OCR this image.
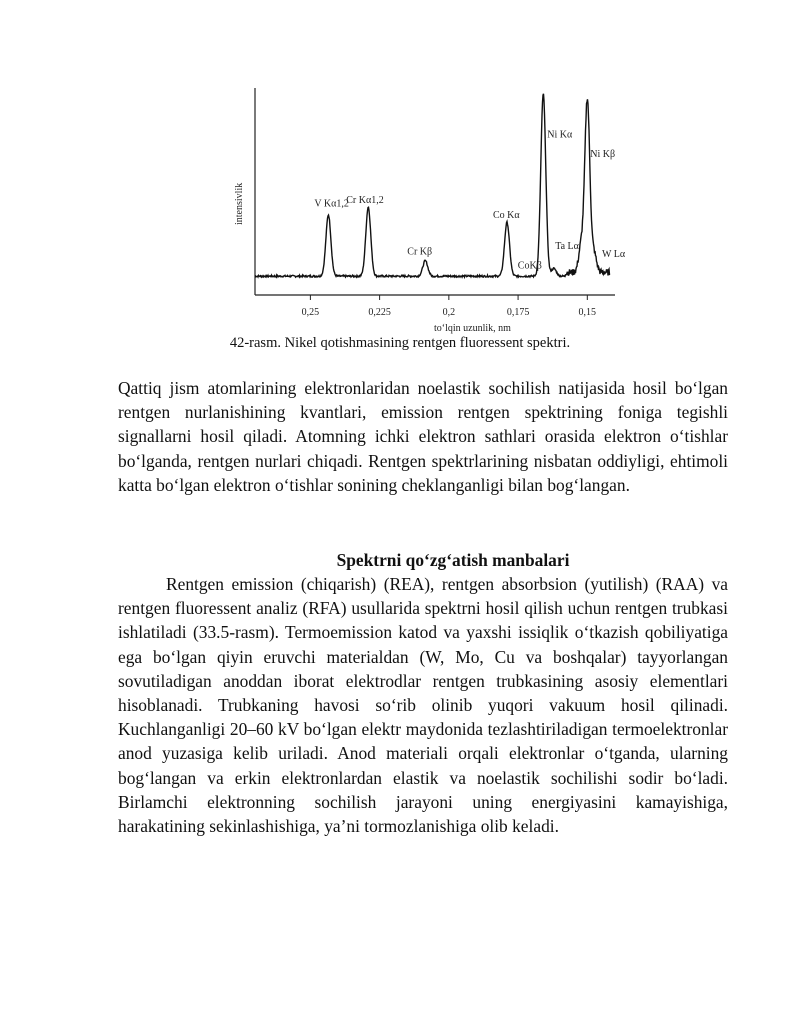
0,25	0,225	0,2	0,175	0,15
V Kα1,2
Cr Kα1,2
Cr Kβ
Co Kα
Ni Kα
Ta Lα
CoKβ
Ni Kβ
W Lα
intensivlik
to‘lqin uzunlik, nm
42-rasm. Nikel qotishmasining rentgen fluoressent spektri.

Qattiq jism atomlarining elektronlaridan noelastik sochilish natijasida hosil bo‘lgan rentgen nurlanishining kvantlari, emission rentgen spektrining foniga tegishli signallarni hosil qiladi. Atomning ichki elektron sathlari orasida elektron o‘tishlar bo‘lganda, rentgen nurlari chiqadi. Rentgen spektrlarining nisbatan oddiyligi, ehtimoli katta bo‘lgan elektron o‘tishlar sonining cheklanganligi bilan bog‘langan.

Spektrni qo‘zg‘atish manbalari

Rentgen emission (chiqarish) (REA), rentgen absorbsion (yutilish) (RAA) va rentgen fluoressent analiz (RFA) usullarida spektrni hosil qilish uchun rentgen trubkasi ishlatiladi (33.5-rasm). Termoemission katod va yaxshi issiqlik o‘tkazish qobiliyatiga ega bo‘lgan qiyin eruvchi materialdan (W, Mo, Cu va boshqalar) tayyorlangan sovutiladigan anoddan iborat elektrodlar rentgen trubkasining asosiy elementlari hisoblanadi. Trubkaning havosi so‘rib olinib yuqori vakuum hosil qilinadi. Kuchlanganligi 20–60 kV bo‘lgan elektr maydonida tezlashtiriladigan termoelektronlar anod yuzasiga kelib uriladi. Anod materiali orqali elektronlar o‘tganda, ularning bog‘langan va erkin elektronlardan elastik va noelastik sochilishi sodir bo‘ladi. Birlamchi elektronning sochilish jarayoni uning energiyasini kamayishiga, harakatining sekinlashishiga, ya’ni tormozlanishiga olib keladi.
